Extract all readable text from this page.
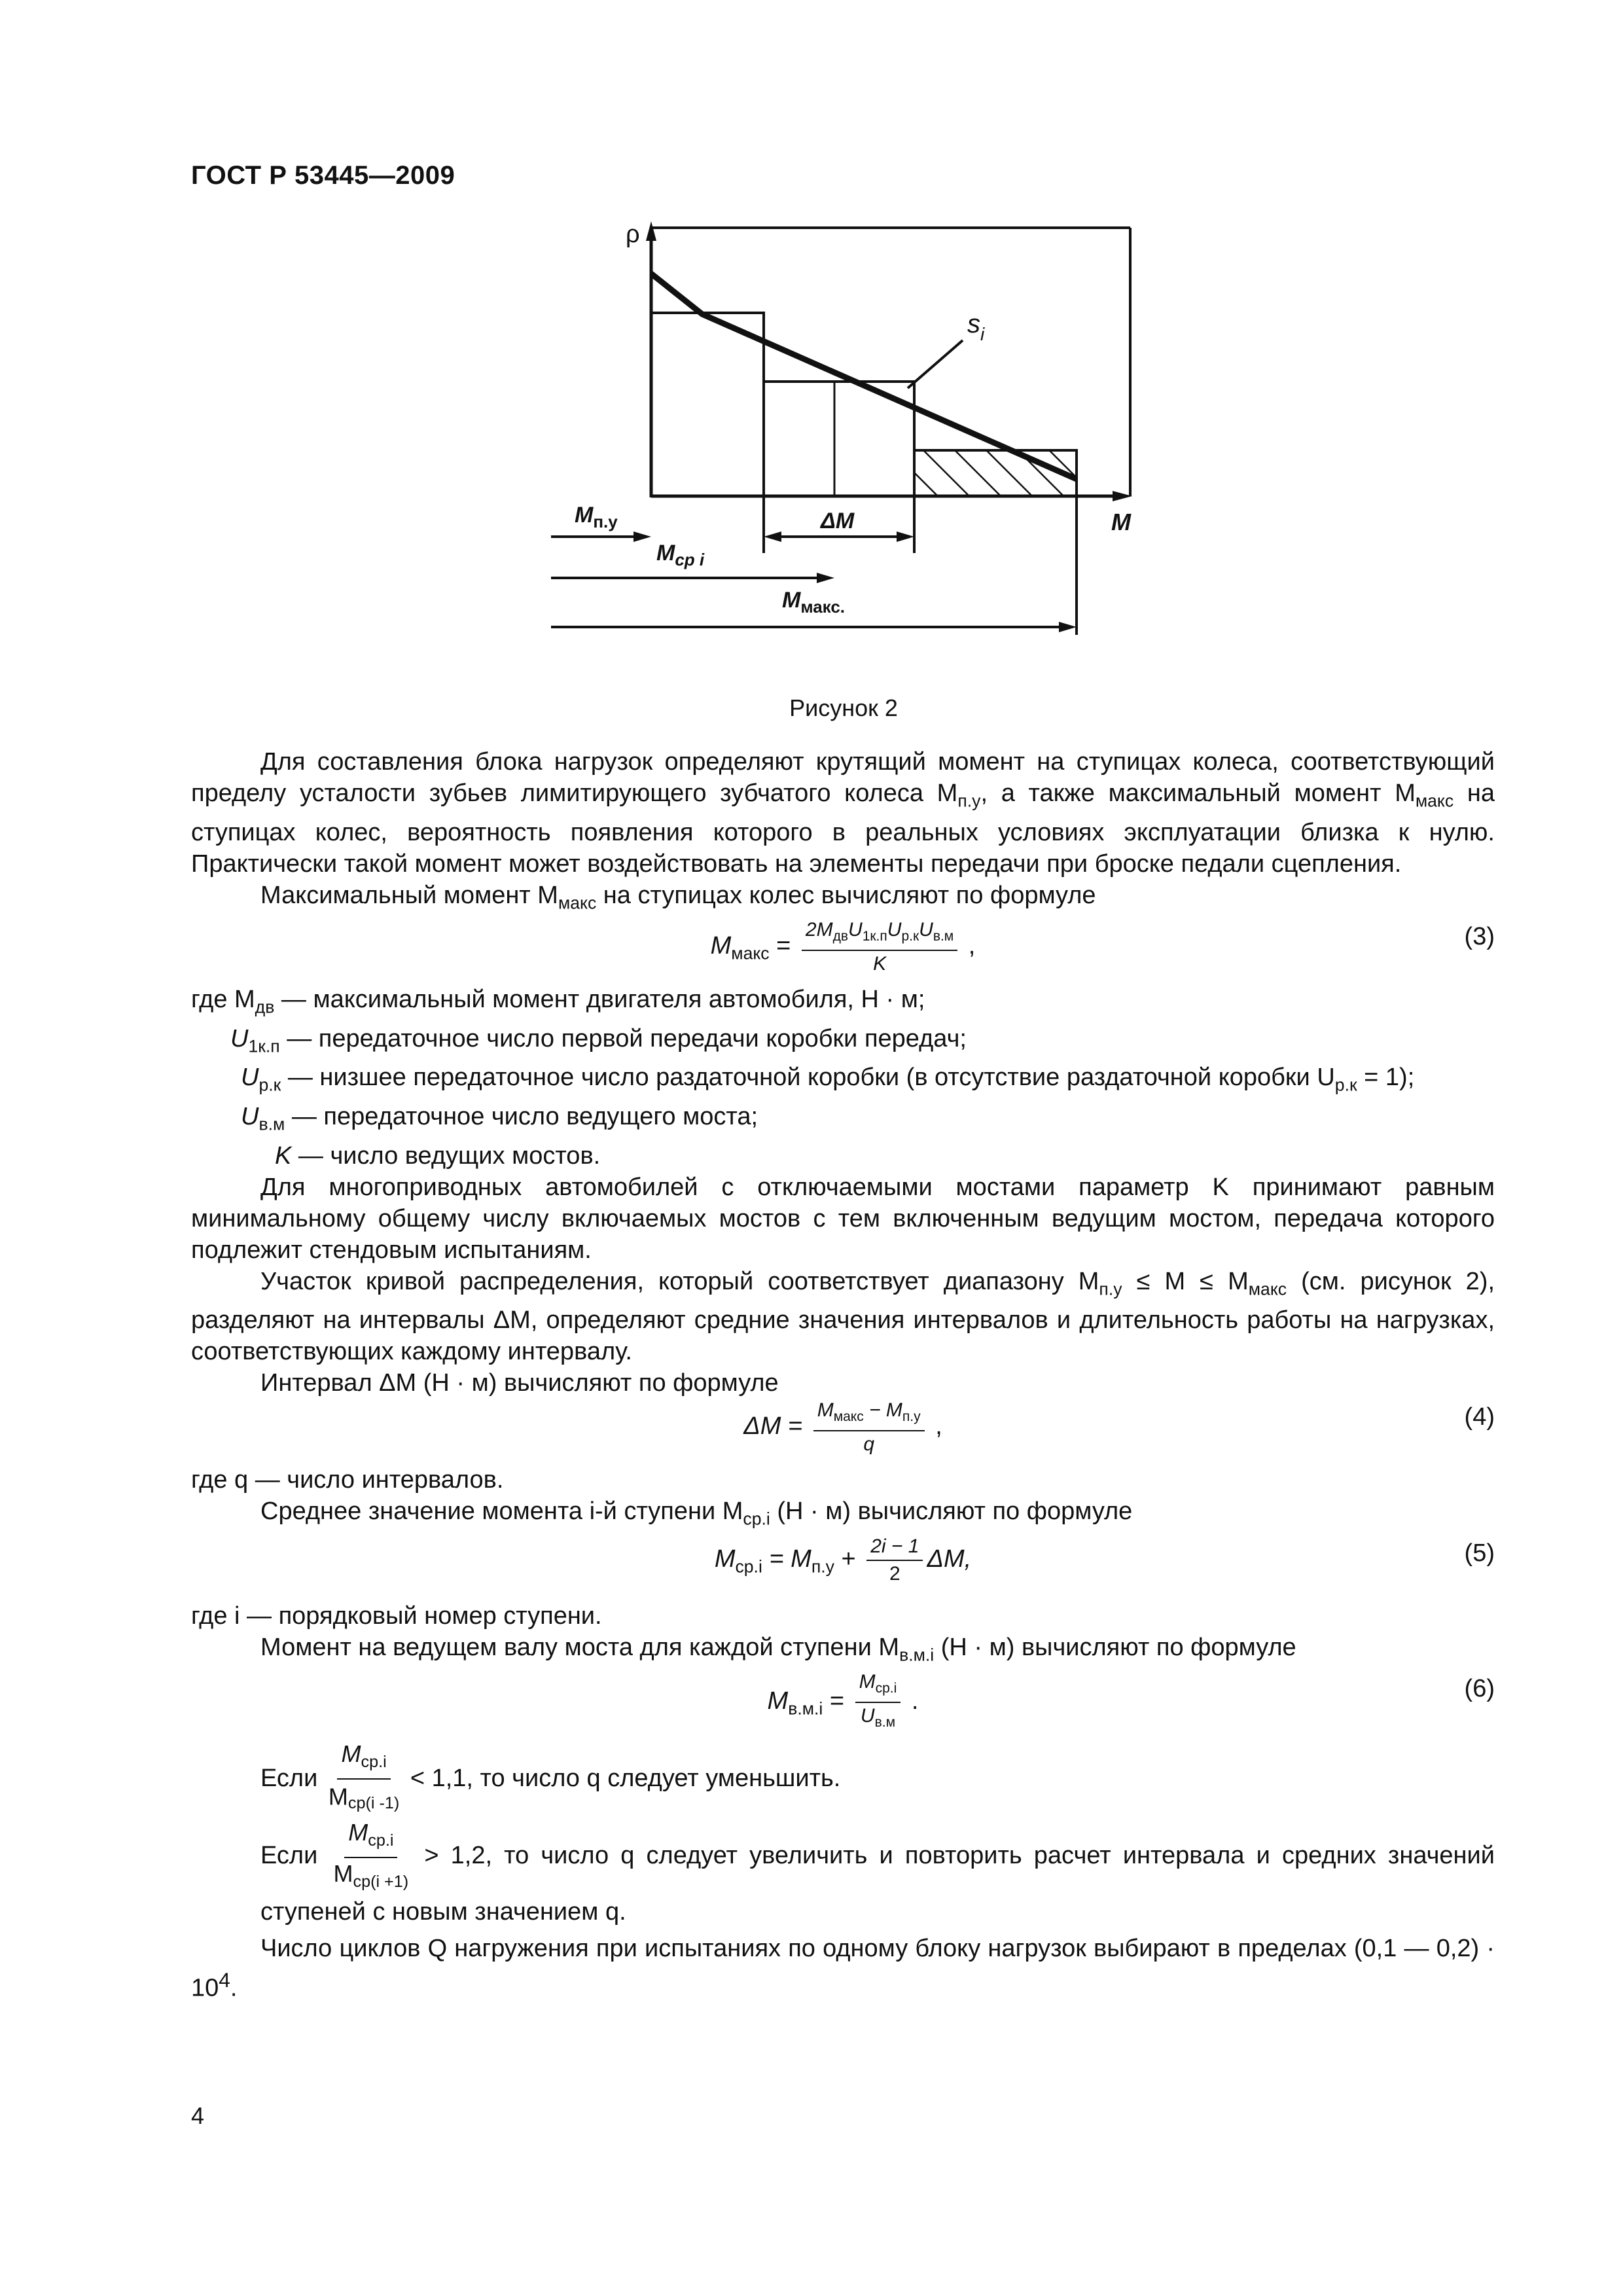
ГОСТ Р 53445—2009
ρ
$s_i$
M
$M_{п.у}$	ΔM
$M_{ср i}$
$M_{макс.}$
Рисунок 2

Для составления блока нагрузок определяют крутящий момент на ступицах колеса, соответствующий пределу усталости зубьев лимитирующего зубчатого колеса $M_{п.у}$, а также максимальный момент $M_{макс}$ на ступицах колес, вероятность появления которого в реальных условиях эксплуатации близка к нулю. Практически такой момент может воздействовать на элементы передачи при броске педали сцепления.

Максимальный момент $M_{макс}$ на ступицах колес вычисляют по формуле

$M_{макс} = \frac{2M_{дв}U_{1к.п}U_{р.к}U_{в.м}}{K}$ ,	(3)

где $M_{дв}$ — максимальный момент двигателя автомобиля, Н · м;

$U_{1к.п}$ — передаточное число первой передачи коробки передач;

$U_{р.к}$ — низшее передаточное число раздаточной коробки (в отсутствие раздаточной коробки $U_{р.к} = 1$);

$U_{в.м}$ — передаточное число ведущего моста;

K — число ведущих мостов.

Для многоприводных автомобилей с отключаемыми мостами параметр K принимают равным минимальному общему числу включаемых мостов с тем включенным ведущим мостом, передача которого подлежит стендовым испытаниям.

Участок кривой распределения, который соответствует диапазону $M_{п.у} \le M \le M_{макс}$ (см. рисунок 2), разделяют на интервалы ΔM, определяют средние значения интервалов и длительность работы на нагрузках, соответствующих каждому интервалу.

Интервал ΔM (Н · м) вычисляют по формуле

$\Delta M = \frac{M_{макс} - M_{п.у}}{q}$ ,	(4)

где q — число интервалов.

Среднее значение момента i-й ступени $M_{ср.i}$ (Н · м) вычисляют по формуле

$M_{ср.i} = M_{п.у} + \frac{2i - 1}{2} \Delta M$,	(5)

где i — порядковый номер ступени.

Момент на ведущем валу моста для каждой ступени $M_{в.м.i}$ (Н · м) вычисляют по формуле

$M_{в.м.i} = \frac{M_{ср.i}}{U_{в.м}}$ .	(6)
Если $\frac{M_{ср.i}}{M_{ср(i -1)}} < 1,1$, то число q следует уменьшить.
Если $\frac{M_{ср.i}}{M_{ср(i +1)}} > 1,2$, то число q следует увеличить и повторить расчет интервала и средних значений ступеней с новым значением q.

Число циклов Q нагружения при испытаниях по одному блоку нагрузок выбирают в пределах (0,1 — $0,2) \cdot 10^4$.

4
